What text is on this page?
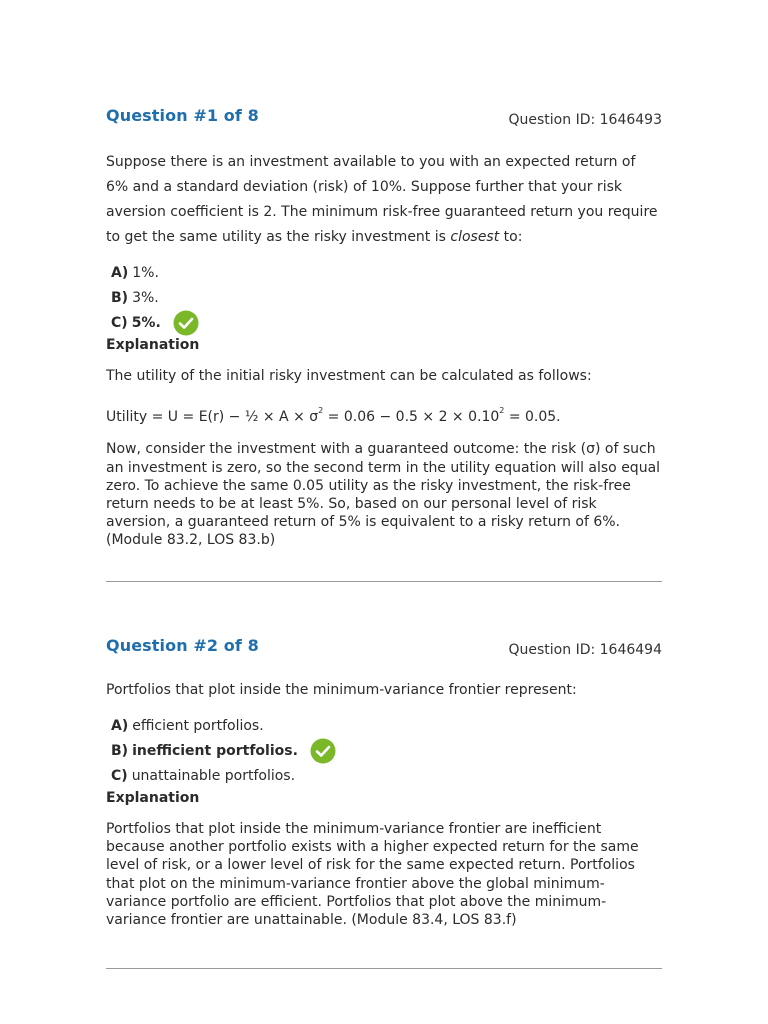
Question #1 of 8	Question ID: 1646493

Suppose there is an investment available to you with an expected return of 6% and a standard deviation (risk) of 10%. Suppose further that your risk aversion coefficient is 2. The minimum risk-free guaranteed return you require to get the same utility as the risky investment is closest to:

A) 1%.
B) 3%.
C) 5%.
Explanation

The utility of the initial risky investment can be calculated as follows:

Utility = U = E(r) − ½ × $A \times \sigma^2 = 0.06 - 0.5 \times 2 \times 0.10^2 = 0.05$.

Now, consider the investment with a guaranteed outcome: the risk (σ) of such an investment is zero, so the second term in the utility equation will also equal zero. To achieve the same 0.05 utility as the risky investment, the risk-free return needs to be at least 5%. So, based on our personal level of risk aversion, a guaranteed return of 5% is equivalent to a risky return of 6%. (Module 83.2, LOS 83.b)

Question #2 of 8	Question ID: 1646494

Portfolios that plot inside the minimum-variance frontier represent:

A) efficient portfolios.
B) inefficient portfolios.
C) unattainable portfolios.
Explanation

Portfolios that plot inside the minimum-variance frontier are inefficient because another portfolio exists with a higher expected return for the same level of risk, or a lower level of risk for the same expected return. Portfolios that plot on the minimum-variance frontier above the global minimum-variance portfolio are efficient. Portfolios that plot above the minimum-variance frontier are unattainable. (Module 83.4, LOS 83.f)
